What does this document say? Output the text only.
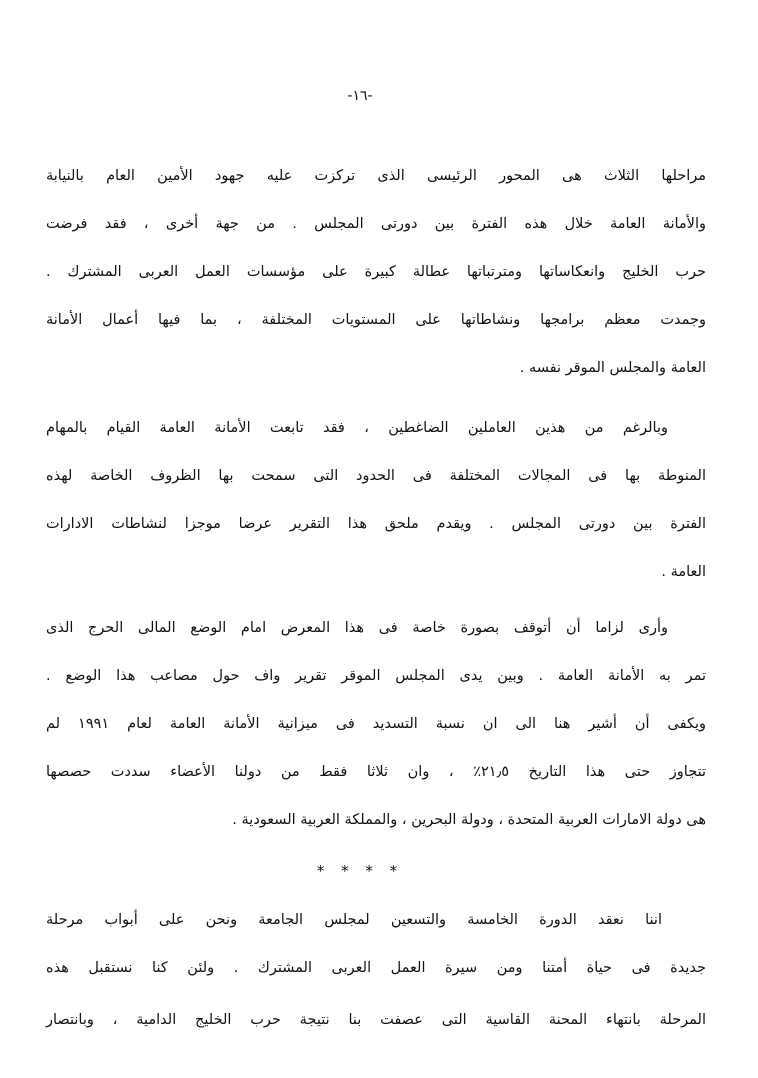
-١٦-
مراحلها الثلاث هى المحور الرئيسى الذى تركزت عليه جهود الأمين العام بالنيابة
والأمانة العامة خلال هذه الفترة بين دورتى المجلس . من جهة أخرى ، فقد فرضت
حرب الخليج وانعكاساتها ومترتباتها عطالة كبيرة على مؤسسات العمل العربى المشترك .
وجمدت معظم برامجها ونشاطاتها على المستويات المختلفة ، بما فيها أعمال الأمانة
العامة والمجلس الموقر نفسه .
وبالرغم من هذين العاملين الضاغطين ، فقد تابعت الأمانة العامة القيام بالمهام
المنوطة بها فى المجالات المختلفة فى الحدود التى سمحت بها الظروف الخاصة لهذه
الفترة بين دورتى المجلس . ويقدم ملحق هذا التقرير عرضا موجزا لنشاطات الادارات
العامة .
وأرى لزاما أن أتوقف بصورة خاصة فى هذا المعرض امام الوضع المالى الحرج الذى
تمر به الأمانة العامة . وبين يدى المجلس الموقر تقرير واف حول مصاعب هذا الوضع .
ويكفى أن أشير هنا الى ان نسبة التسديد فى ميزانية الأمانة العامة لعام ١٩٩١ لم
تتجاوز حتى هذا التاريخ ٢١٫٥٪ ، وان ثلاثا فقط من دولنا الأعضاء سددت حصصها
هى دولة الامارات العربية المتحدة ، ودولة البحرين ، والمملكة العربية السعودية .
* * * *
اننا نعقد الدورة الخامسة والتسعين لمجلس الجامعة ونحن على أبواب مرحلة
جديدة فى حياة أمتنا ومن سيرة العمل العربى المشترك . ولئن كنا نستقبل هذه
المرحلة بانتهاء المحنة القاسية التى عصفت بنا نتيجة حرب الخليج الدامية ، وبانتصار
